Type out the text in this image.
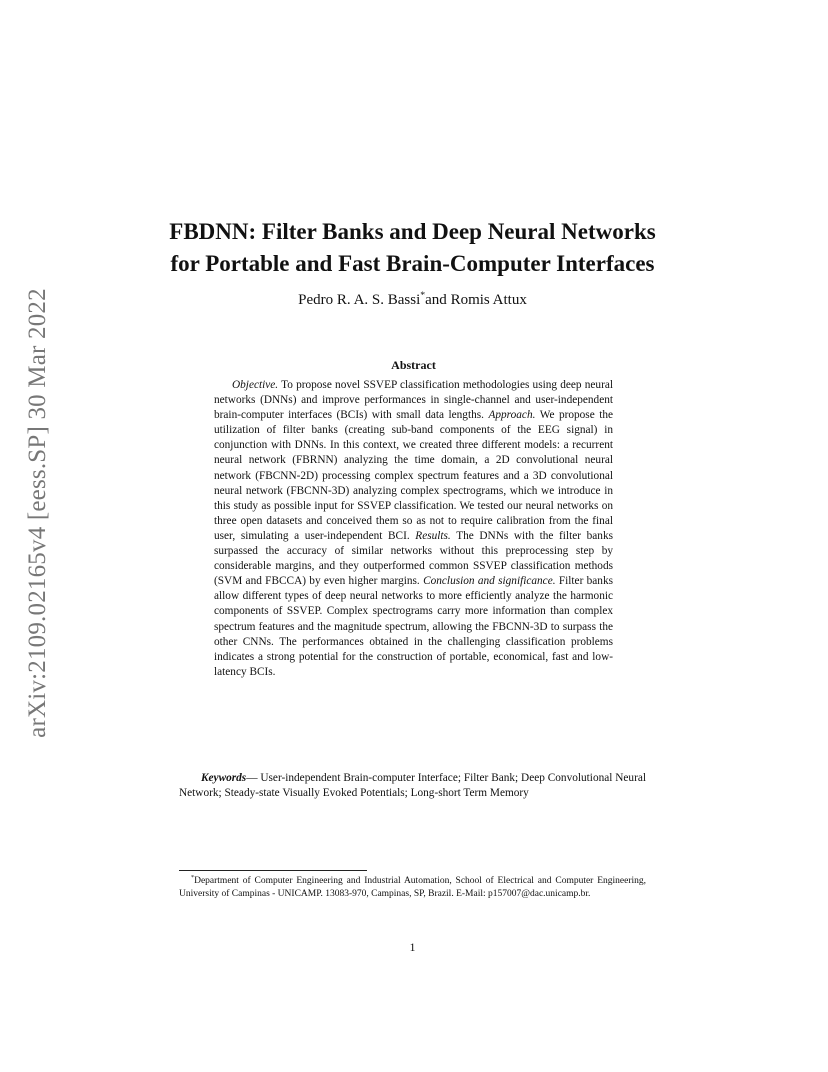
arXiv:2109.02165v4 [eess.SP] 30 Mar 2022
FBDNN: Filter Banks and Deep Neural Networks
for Portable and Fast Brain-Computer Interfaces
Pedro R. A. S. Bassi*and Romis Attux
Abstract

Objective. To propose novel SSVEP classification methodologies using deep neural networks (DNNs) and improve performances in single-channel and user-independent brain-computer interfaces (BCIs) with small data lengths. Approach. We propose the utilization of filter banks (creating sub-band components of the EEG signal) in conjunction with DNNs. In this context, we created three different models: a recurrent neural network (FBRNN) analyzing the time domain, a 2D convolutional neural network (FBCNN-2D) processing complex spectrum features and a 3D convolutional neural network (FBCNN-3D) analyzing complex spectrograms, which we introduce in this study as possible input for SSVEP classification. We tested our neural networks on three open datasets and conceived them so as not to require calibration from the final user, simulating a user-independent BCI. Results. The DNNs with the filter banks surpassed the accuracy of similar networks without this preprocessing step by considerable margins, and they outperformed common SSVEP classification methods (SVM and FBCCA) by even higher margins. Conclusion and significance. Filter banks allow different types of deep neural networks to more efficiently analyze the harmonic components of SSVEP. Complex spectrograms carry more information than complex spectrum features and the magnitude spectrum, allowing the FBCNN-3D to surpass the other CNNs. The performances obtained in the challenging classification problems indicates a strong potential for the construction of portable, economical, fast and low-latency BCIs.

Keywords— User-independent Brain-computer Interface; Filter Bank; Deep Convolutional Neural Network; Steady-state Visually Evoked Potentials; Long-short Term Memory

*Department of Computer Engineering and Industrial Automation, School of Electrical and Computer Engineering, University of Campinas - UNICAMP. 13083-970, Campinas, SP, Brazil. E-Mail: p157007@dac.unicamp.br.

1
